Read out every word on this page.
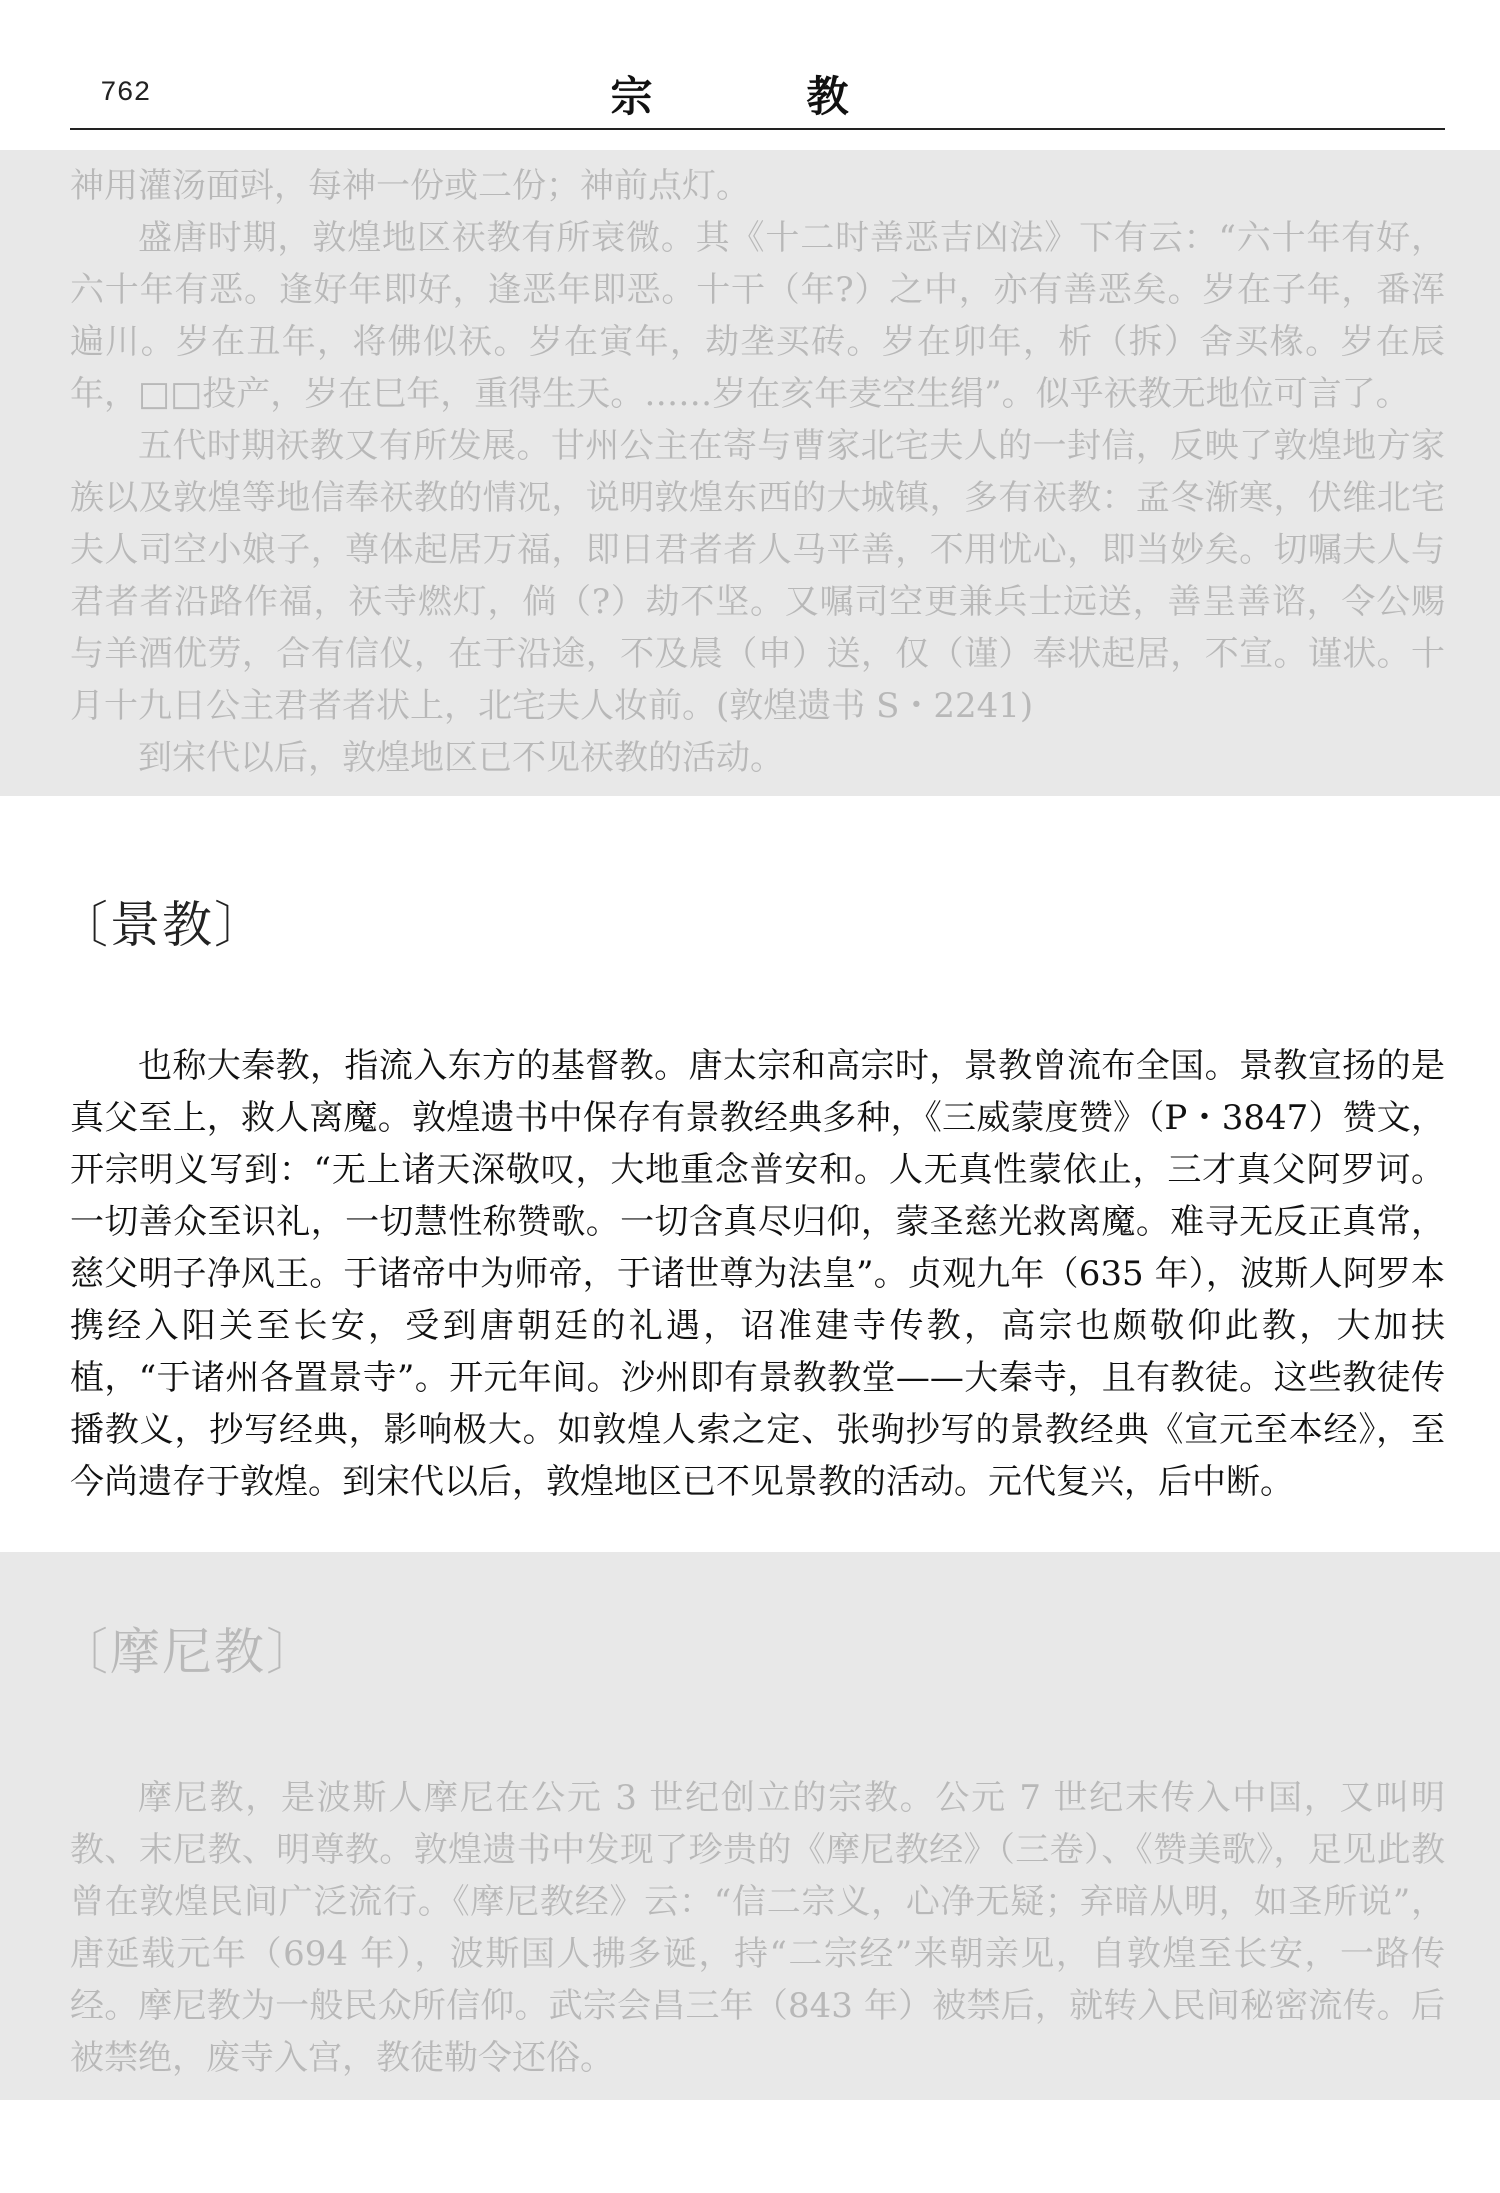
762	宗　教

神用灌汤面㪷，每神一份或二份；神前点灯。

盛唐时期，敦煌地区祆教有所衰微。其《十二时善恶吉凶法》下有云：“六十年有好，六十年有恶。逢好年即好，逢恶年即恶。十干（年?）之中，亦有善恶矣。岁在子年，番浑遍川。岁在丑年，将佛似祆。岁在寅年，劫垄买砖。岁在卯年，析（拆）舍买椽。岁在辰年，□□投产，岁在巳年，重得生天。……岁在亥年麦空生绢”。似乎祆教无地位可言了。

五代时期祆教又有所发展。甘州公主在寄与曹家北宅夫人的一封信，反映了敦煌地方家族以及敦煌等地信奉祆教的情况，说明敦煌东西的大城镇，多有祆教：孟冬渐寒，伏维北宅夫人司空小娘子，尊体起居万福，即日君者者人马平善，不用忧心，即当妙矣。切嘱夫人与君者者沿路作福，祆寺燃灯，倘（?）劫不坚。又嘱司空更兼兵士远送，善呈善谘，令公赐与羊酒优劳，合有信仪，在于沿途，不及晨（申）送，仅（谨）奉状起居，不宣。谨状。十月十九日公主君者者状上，北宅夫人妆前。(敦煌遗书 S・2241)

到宋代以后，敦煌地区已不见祆教的活动。

〔景教〕

也称大秦教，指流入东方的基督教。唐太宗和高宗时，景教曾流布全国。景教宣扬的是真父至上，救人离魔。敦煌遗书中保存有景教经典多种，《三威蒙度赞》（P・3847）赞文，开宗明义写到：“无上诸天深敬叹，大地重念普安和。人无真性蒙依止，三才真父阿罗诃。一切善众至识礼，一切慧性称赞歌。一切含真尽归仰，蒙圣慈光救离魔。难寻无反正真常，慈父明子净风王。于诸帝中为师帝，于诸世尊为法皇”。贞观九年（635 年），波斯人阿罗本携经入阳关至长安，受到唐朝廷的礼遇，诏准建寺传教，高宗也颇敬仰此教，大加扶植，“于诸州各置景寺”。开元年间。沙州即有景教教堂——大秦寺，且有教徒。这些教徒传播教义，抄写经典，影响极大。如敦煌人索之定、张驹抄写的景教经典《宣元至本经》，至今尚遗存于敦煌。到宋代以后，敦煌地区已不见景教的活动。元代复兴，后中断。

〔摩尼教〕

摩尼教，是波斯人摩尼在公元 3 世纪创立的宗教。公元 7 世纪末传入中国，又叫明教、末尼教、明尊教。敦煌遗书中发现了珍贵的《摩尼教经》（三卷）、《赞美歌》，足见此教曾在敦煌民间广泛流行。《摩尼教经》云：“信二宗义，心净无疑；弃暗从明，如圣所说”，唐延载元年（694 年），波斯国人拂多诞，持“二宗经”来朝亲见，自敦煌至长安，一路传经。摩尼教为一般民众所信仰。武宗会昌三年（843 年）被禁后，就转入民间秘密流传。后被禁绝，废寺入宫，教徒勒令还俗。
